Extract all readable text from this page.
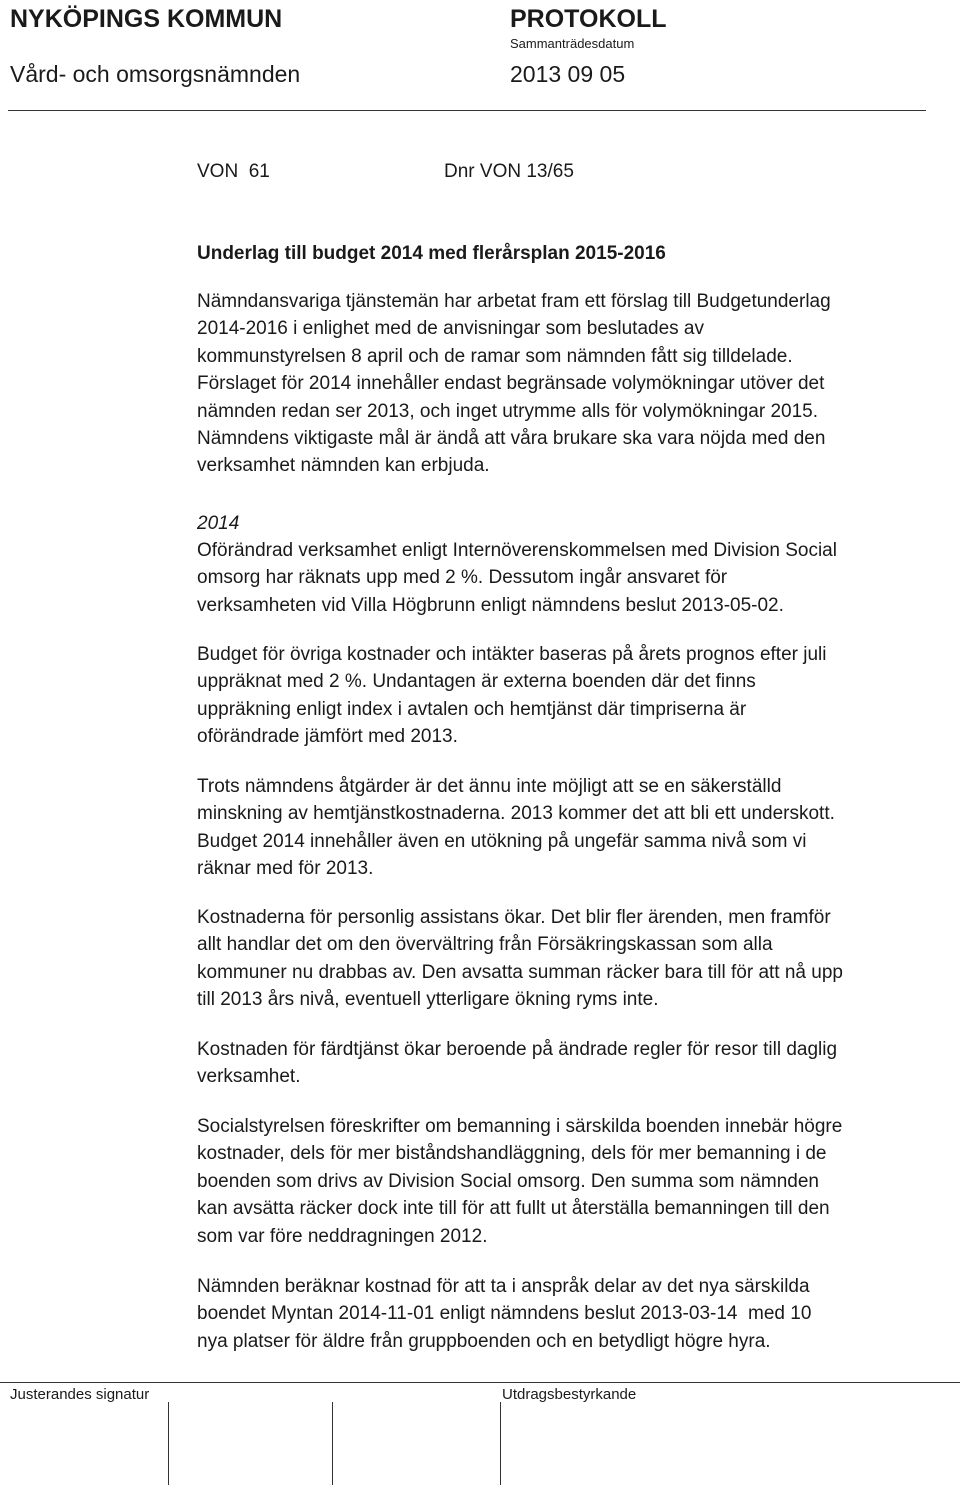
NYKÖPINGS KOMMUN	PROTOKOLL
Sammanträdesdatum
Vård- och omsorgsnämnden	2013 09 05
VON  61	Dnr VON 13/65
Underlag till budget 2014 med flerårsplan 2015-2016
Nämndansvariga tjänstemän har arbetat fram ett förslag till Budgetunderlag
2014-2016 i enlighet med de anvisningar som beslutades av
kommunstyrelsen 8 april och de ramar som nämnden fått sig tilldelade.
Förslaget för 2014 innehåller endast begränsade volymökningar utöver det
nämnden redan ser 2013, och inget utrymme alls för volymökningar 2015.
Nämndens viktigaste mål är ändå att våra brukare ska vara nöjda med den
verksamhet nämnden kan erbjuda.
2014
Oförändrad verksamhet enligt Internöverenskommelsen med Division Social
omsorg har räknats upp med 2 %. Dessutom ingår ansvaret för
verksamheten vid Villa Högbrunn enligt nämndens beslut 2013-05-02.
Budget för övriga kostnader och intäkter baseras på årets prognos efter juli
uppräknat med 2 %. Undantagen är externa boenden där det finns
uppräkning enligt index i avtalen och hemtjänst där timpriserna är
oförändrade jämfört med 2013.
Trots nämndens åtgärder är det ännu inte möjligt att se en säkerställd
minskning av hemtjänstkostnaderna. 2013 kommer det att bli ett underskott.
Budget 2014 innehåller även en utökning på ungefär samma nivå som vi
räknar med för 2013.
Kostnaderna för personlig assistans ökar. Det blir fler ärenden, men framför
allt handlar det om den övervältring från Försäkringskassan som alla
kommuner nu drabbas av. Den avsatta summan räcker bara till för att nå upp
till 2013 års nivå, eventuell ytterligare ökning ryms inte.
Kostnaden för färdtjänst ökar beroende på ändrade regler för resor till daglig
verksamhet.
Socialstyrelsen föreskrifter om bemanning i särskilda boenden innebär högre
kostnader, dels för mer biståndshandläggning, dels för mer bemanning i de
boenden som drivs av Division Social omsorg. Den summa som nämnden
kan avsätta räcker dock inte till för att fullt ut återställa bemanningen till den
som var före neddragningen 2012.
Nämnden beräknar kostnad för att ta i anspråk delar av det nya särskilda
boendet Myntan 2014-11-01 enligt nämndens beslut 2013-03-14  med 10
nya platser för äldre från gruppboenden och en betydligt högre hyra.
Justerandes signatur	Utdragsbestyrkande
